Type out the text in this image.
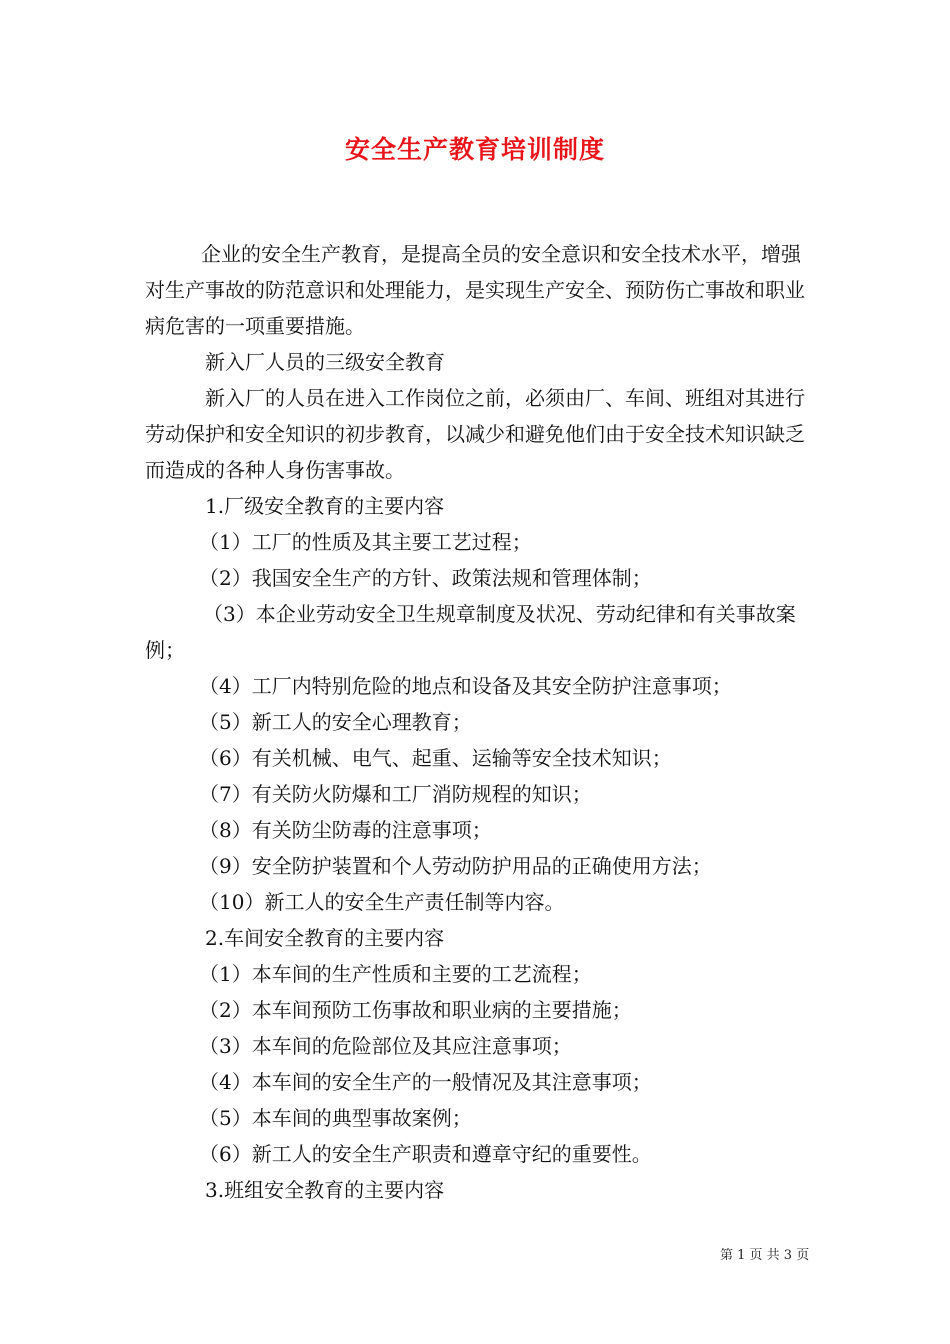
安全生产教育培训制度

企业的安全生产教育，是提高全员的安全意识和安全技术水平，增强对生产事故的防范意识和处理能力，是实现生产安全、预防伤亡事故和职业病危害的一项重要措施。

新入厂人员的三级安全教育

新入厂的人员在进入工作岗位之前，必须由厂、车间、班组对其进行劳动保护和安全知识的初步教育，以减少和避免他们由于安全技术知识缺乏而造成的各种人身伤害事故。

1.厂级安全教育的主要内容

（1）工厂的性质及其主要工艺过程；

（2）我国安全生产的方针、政策法规和管理体制；

（3）本企业劳动安全卫生规章制度及状况、劳动纪律和有关事故案例；

（4）工厂内特别危险的地点和设备及其安全防护注意事项；

（5）新工人的安全心理教育；

（6）有关机械、电气、起重、运输等安全技术知识；

（7）有关防火防爆和工厂消防规程的知识；

（8）有关防尘防毒的注意事项；

（9）安全防护装置和个人劳动防护用品的正确使用方法；

（10）新工人的安全生产责任制等内容。

2.车间安全教育的主要内容

（1）本车间的生产性质和主要的工艺流程；

（2）本车间预防工伤事故和职业病的主要措施；

（3）本车间的危险部位及其应注意事项；

（4）本车间的安全生产的一般情况及其注意事项；

（5）本车间的典型事故案例；

（6）新工人的安全生产职责和遵章守纪的重要性。

3.班组安全教育的主要内容

第 1 页 共 3 页
